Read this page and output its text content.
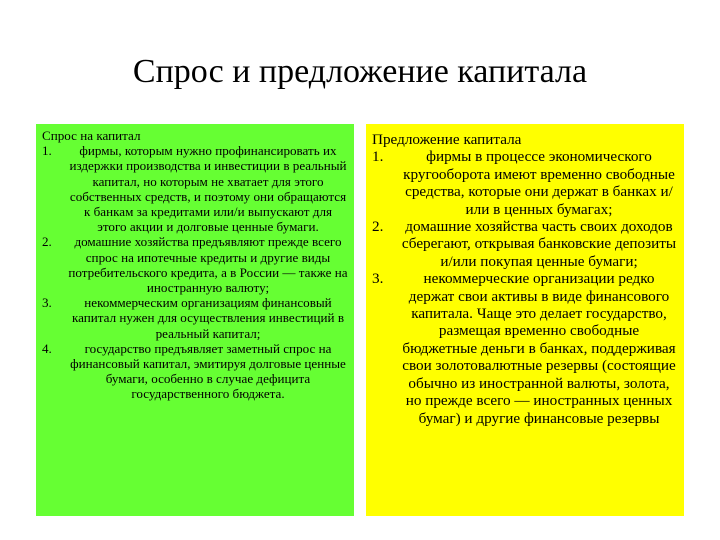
Спрос и предложение капитала
Спрос на капитал
1.	фирмы, которым нужно профинансировать их издержки производства и инвестиции в реальный капитал, но которым не хватает для этого собственных средств, и поэтому они обращаются к банкам за кредитами или/и выпускают для этого акции и долговые ценные бумаги.
2.	домашние хозяйства предъявляют прежде всего спрос на ипотечные кредиты и другие виды потребительского кредита, а в России — также на иностранную валюту;
3.	некоммерческим организациям финансовый капитал нужен для осуществления инвестиций в реальный капитал;
4.	государство предъявляет заметный спрос на финансовый капитал, эмитируя долговые ценные бумаги, особенно в случае дефицита государственного бюджета.
Предложение капитала
1.	фирмы в процессе экономического кругооборота имеют временно свободные средства, которые они держат в банках и/или в ценных бумагах;
2.	домашние хозяйства часть своих доходов сберегают, открывая банковские депозиты и/или покупая ценные бумаги;
3.	некоммерческие организации редко держат свои активы в виде финансового капитала. Чаще это делает государство, размещая временно свободные бюджетные деньги в банках, поддерживая свои золотовалютные резервы (состоящие обычно из иностранной валюты, золота, но прежде всего — иностранных ценных бумаг) и другие финансовые резервы
